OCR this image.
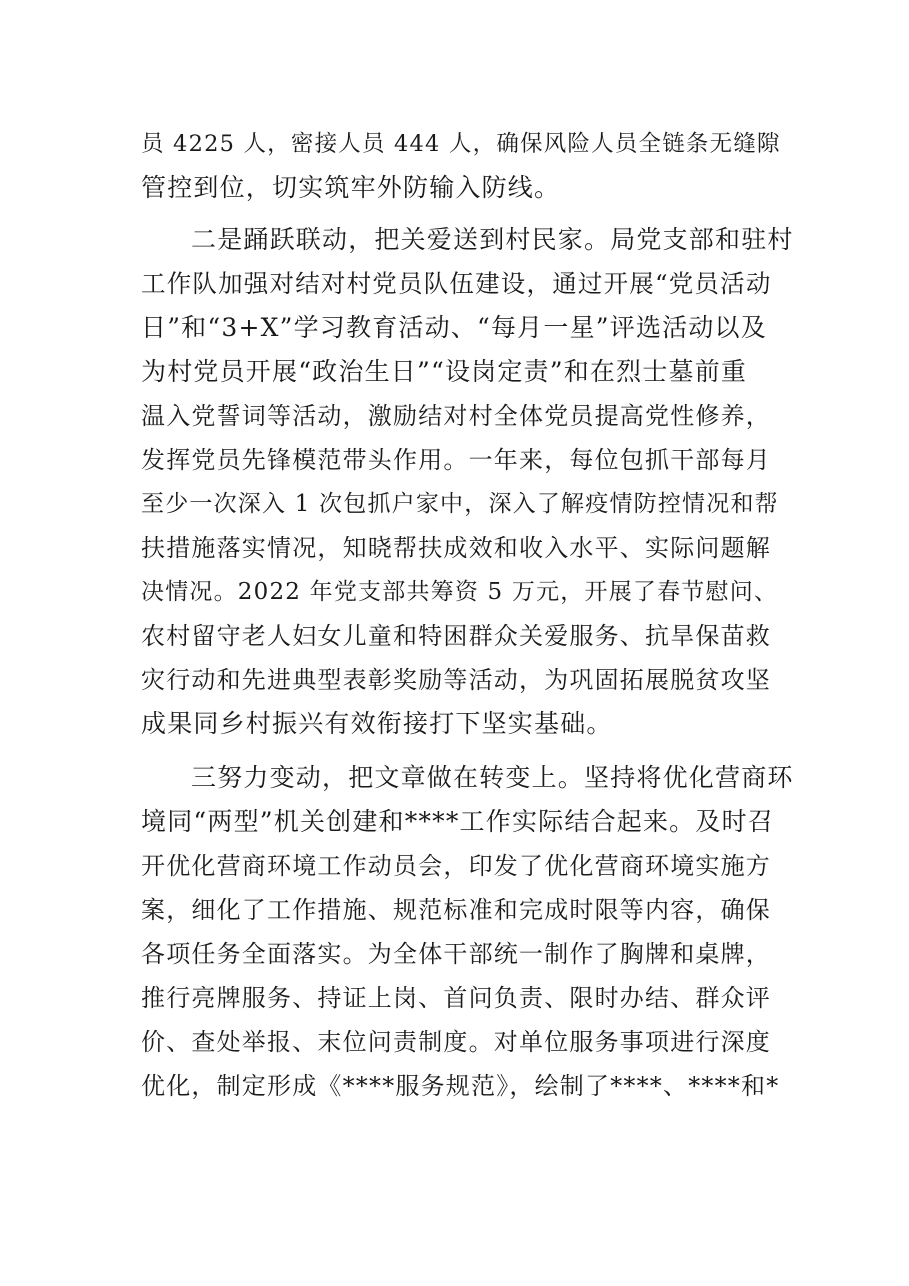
员 4225 人，密接人员 444 人，确保风险人员全链条无缝隙
管控到位，切实筑牢外防输入防线。
二是踊跃联动，把关爱送到村民家。局党支部和驻村
工作队加强对结对村党员队伍建设，通过开展“党员活动
日”和“3+X”学习教育活动、“每月一星”评选活动以及
为村党员开展“政治生日”“设岗定责”和在烈士墓前重
温入党誓词等活动，激励结对村全体党员提高党性修养，
发挥党员先锋模范带头作用。一年来，每位包抓干部每月
至少一次深入 1 次包抓户家中，深入了解疫情防控情况和帮
扶措施落实情况，知晓帮扶成效和收入水平、实际问题解
决情况。2022 年党支部共筹资 5 万元，开展了春节慰问、
农村留守老人妇女儿童和特困群众关爱服务、抗旱保苗救
灾行动和先进典型表彰奖励等活动，为巩固拓展脱贫攻坚
成果同乡村振兴有效衔接打下坚实基础。
三努力变动，把文章做在转变上。坚持将优化营商环
境同“两型”机关创建和****工作实际结合起来。及时召
开优化营商环境工作动员会，印发了优化营商环境实施方
案，细化了工作措施、规范标准和完成时限等内容，确保
各项任务全面落实。为全体干部统一制作了胸牌和桌牌，
推行亮牌服务、持证上岗、首问负责、限时办结、群众评
价、查处举报、末位问责制度。对单位服务事项进行深度
优化，制定形成《****服务规范》，绘制了****、****和*
